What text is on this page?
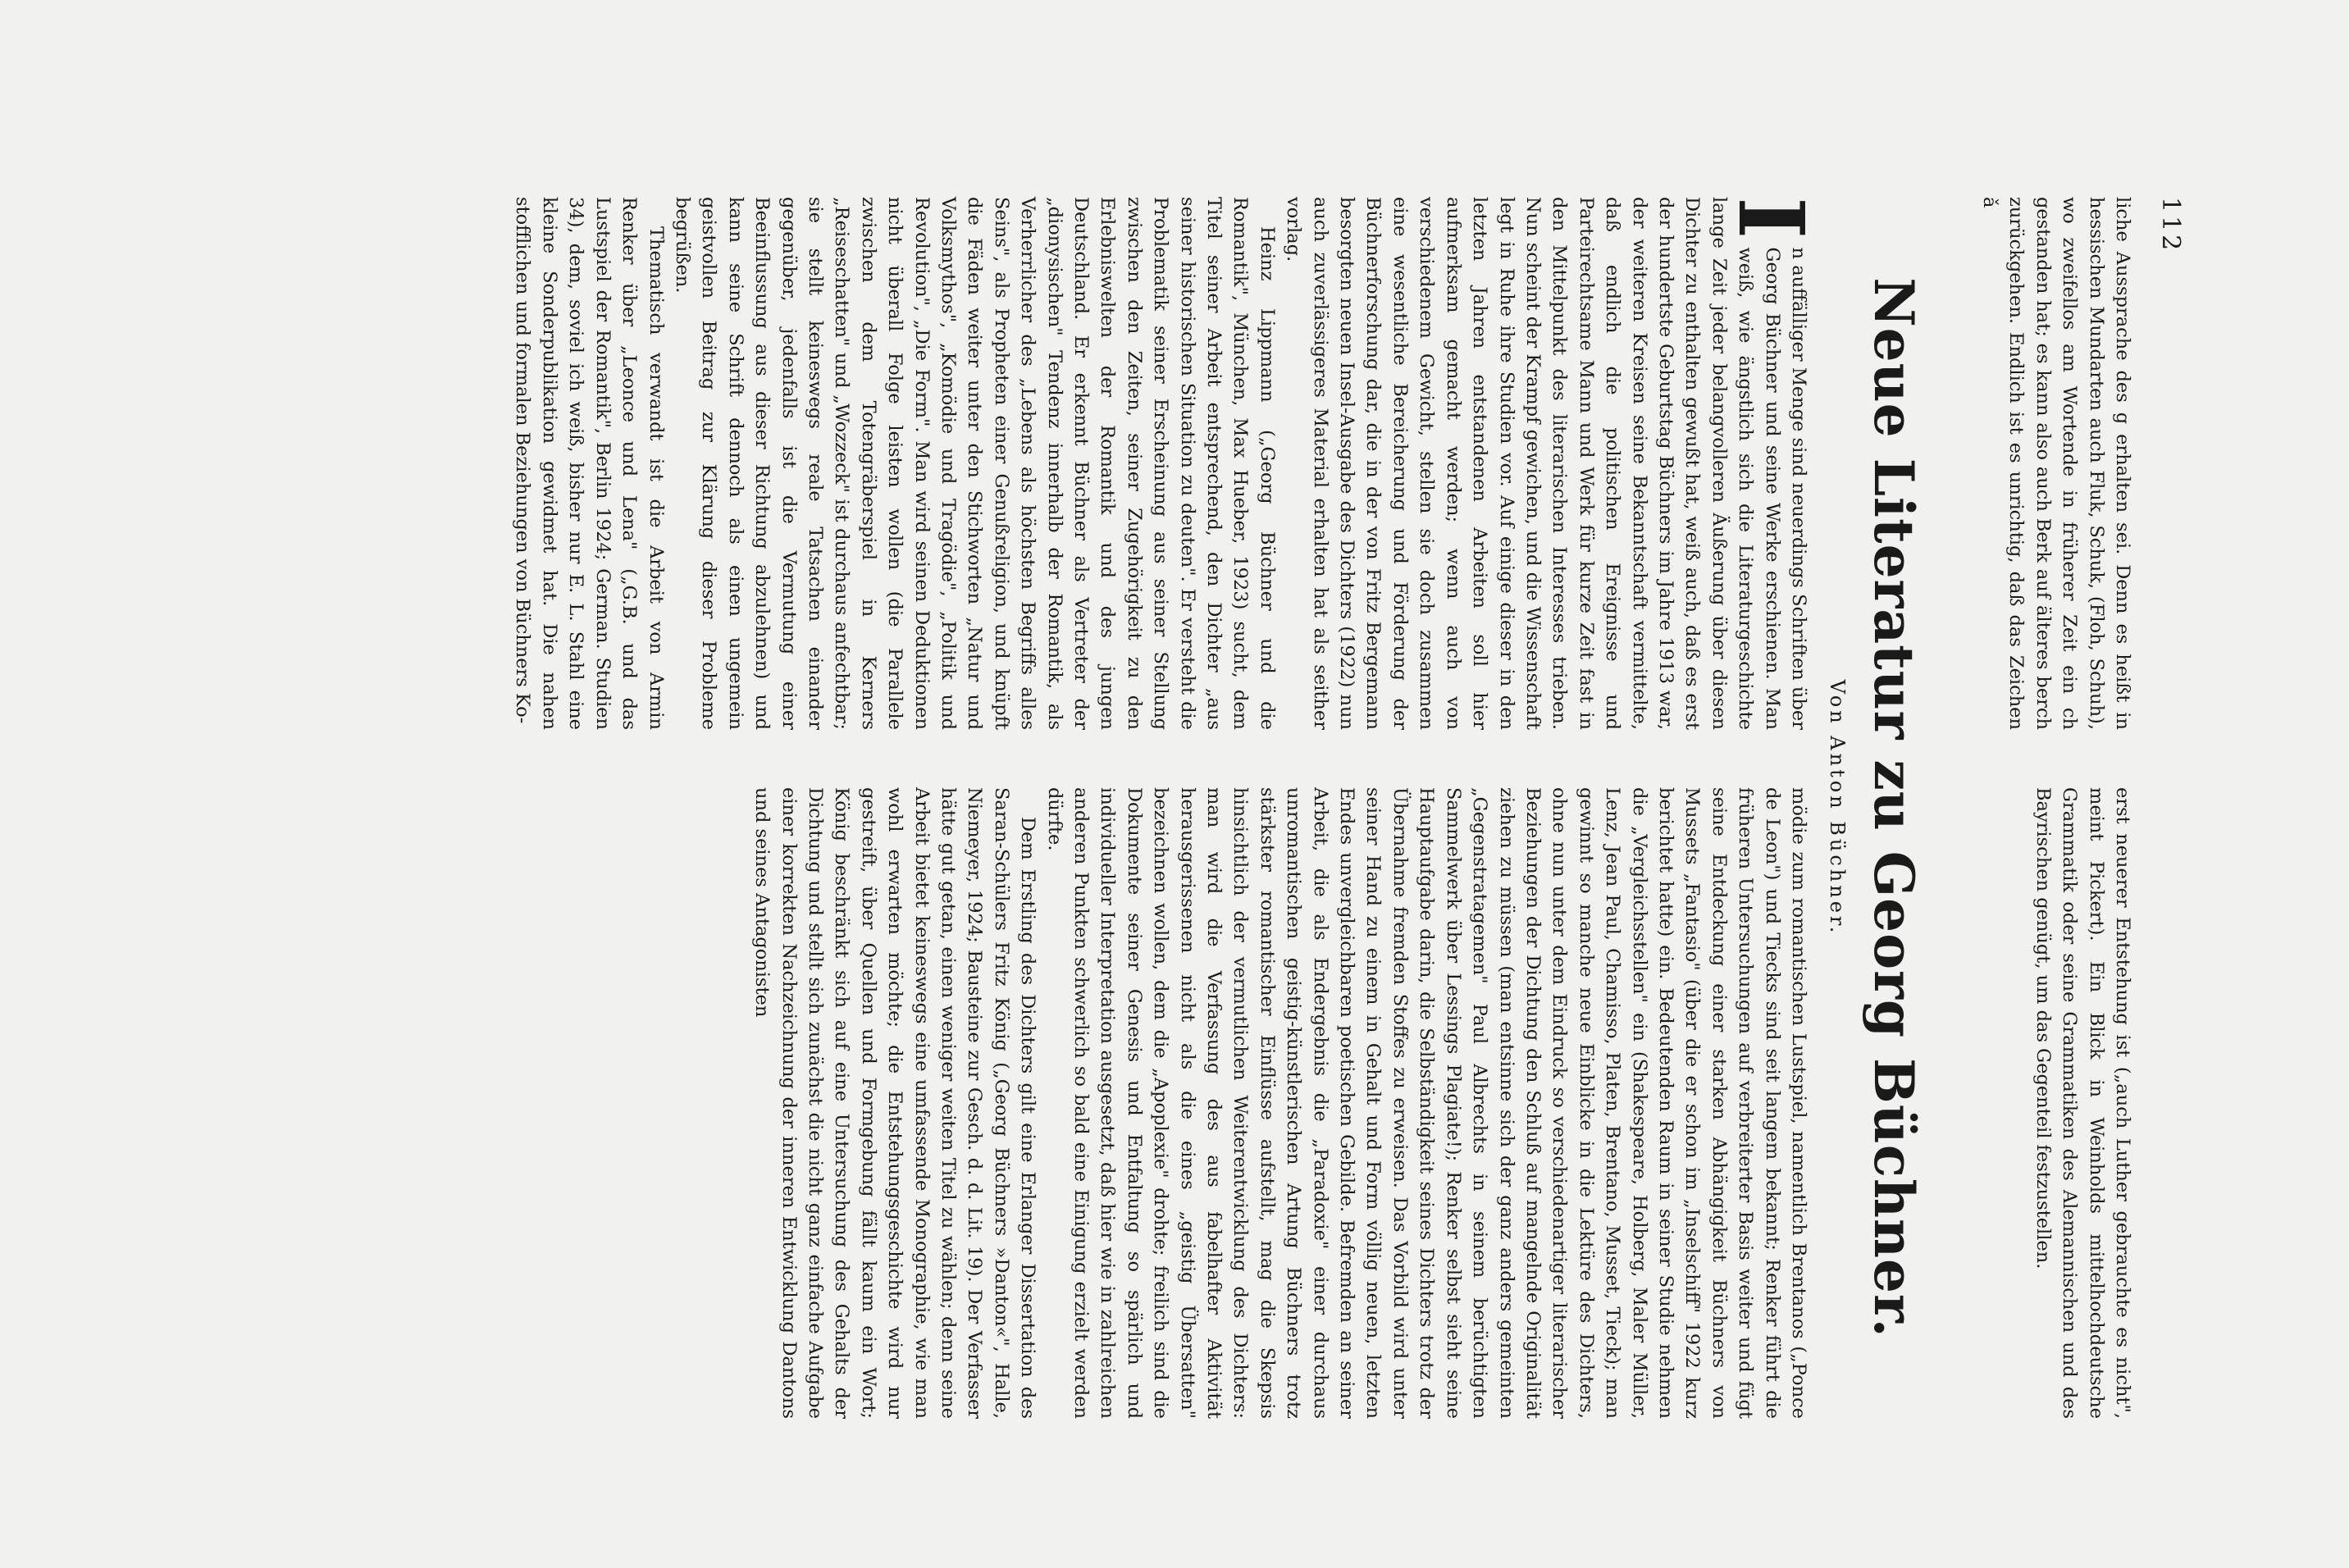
112

liche Aussprache des g erhalten sei. Denn es heißt in hessischen Mundarten auch Fluk, Schuk, (Floh, Schuh), wo zweifellos am Wortende in früherer Zeit ein ch gestanden hat; es kann also auch Berk auf älteres berch zurückgehen. Endlich ist es unrichtig, daß das Zeichen ǎ

erst neuerer Entstehung ist („auch Luther gebrauchte es nicht", meint Pickert). Ein Blick in Weinholds mittelhochdeutsche Grammatik oder seine Grammatiken des Alemannischen und des Bayrischen genügt, um das Gegenteil festzustellen.

Neue Literatur zu Georg Büchner.
Von Anton Büchner.

I
n auffälliger Menge sind neuerdings Schriften über Georg Büchner und seine Werke erschienen. Man weiß, wie ängstlich sich die Literaturgeschichte lange Zeit jeder belangvolleren Äußerung über diesen Dichter zu enthalten gewußt hat, weiß auch, daß es erst der hundertste Geburtstag Büchners im Jahre 1913 war, der weiteren Kreisen seine Bekanntschaft vermittelte, daß endlich die politischen Ereignisse und Parteirechtsame Mann und Werk für kurze Zeit fast in den Mittelpunkt des literarischen Interesses trieben. Nun scheint der Krampf gewichen, und die Wissenschaft legt in Ruhe ihre Studien vor. Auf einige dieser in den letzten Jahren entstandenen Arbeiten soll hier aufmerksam gemacht werden; wenn auch von verschiedenem Gewicht, stellen sie doch zusammen eine wesentliche Bereicherung und Förderung der Büchnerforschung dar, die in der von Fritz Bergemann besorgten neuen Insel-Ausgabe des Dichters (1922) nun auch zuverlässigeres Material erhalten hat als seither vorlag.

Heinz Lippmann („Georg Büchner und die Romantik", München, Max Hueber, 1923) sucht, dem Titel seiner Arbeit entsprechend, den Dichter „aus seiner historischen Situation zu deuten". Er versteht die Problematik seiner Erscheinung aus seiner Stellung zwischen den Zeiten, seiner Zugehörigkeit zu den Erlebniswelten der Romantik und des jungen Deutschland. Er erkennt Büchner als Vertreter der „dionysischen" Tendenz innerhalb der Romantik, als Verherrlicher des „Lebens als höchsten Begriffs alles Seins", als Propheten einer Genußreligion, und knüpft die Fäden weiter unter den Stichworten „Natur und Volksmythos", „Komödie und Tragödie", „Politik und Revolution", „Die Form". Man wird seinen Deduktionen nicht überall Folge leisten wollen (die Parallele zwischen dem Totengräberspiel in Kerners „Reiseschatten" und „Wozzeck" ist durchaus anfechtbar; sie stellt keineswegs reale Tatsachen einander gegenüber, jedenfalls ist die Vermutung einer Beeinflussung aus dieser Richtung abzulehnen) und kann seine Schrift dennoch als einen ungemein geistvollen Beitrag zur Klärung dieser Probleme begrüßen.

Thematisch verwandt ist die Arbeit von Armin Renker über „Leonce und Lena" („G.B. und das Lustspiel der Romantik", Berlin 1924; German. Studien 34), dem, soviel ich weiß, bisher nur E. L. Stahl eine kleine Sonderpublikation gewidmet hat. Die nahen stofflichen und formalen Beziehungen von Büchners Ko-

mödie zum romantischen Lustspiel, namentlich Brentanos („Ponce de Leon") und Tiecks sind seit langem bekannt; Renker führt die früheren Untersuchungen auf verbreiterter Basis weiter und fügt seine Entdeckung einer starken Abhängigkeit Büchners von Mussets „Fantasio" (über die er schon im „Inselschiff" 1922 kurz berichtet hatte) ein. Bedeutenden Raum in seiner Studie nehmen die „Vergleichsstellen" ein (Shakespeare, Holberg, Maler Müller, Lenz, Jean Paul, Chamisso, Platen, Brentano, Musset, Tieck); man gewinnt so manche neue Einblicke in die Lektüre des Dichters, ohne nun unter dem Eindruck so verschiedenartiger literarischer Beziehungen der Dichtung den Schluß auf mangelnde Originalität ziehen zu müssen (man entsinne sich der ganz anders gemeinten „Gegenstratagemen" Paul Albrechts in seinem berüchtigten Sammelwerk über Lessings Plagiate!); Renker selbst sieht seine Hauptaufgabe darin, die Selbständigkeit seines Dichters trotz der Übernahme fremden Stoffes zu erweisen. Das Vorbild wird unter seiner Hand zu einem in Gehalt und Form völlig neuen, letzten Endes unvergleichbaren poetischen Gebilde. Befremden an seiner Arbeit, die als Endergebnis die „Paradoxie" einer durchaus unromantischen geistig-künstlerischen Artung Büchners trotz stärkster romantischer Einflüsse aufstellt, mag die Skepsis hinsichtlich der vermutlichen Weiterentwicklung des Dichters: man wird die Verfassung des aus fabelhafter Aktivität herausgerissenen nicht als die eines „geistig Übersatten" bezeichnen wollen, dem die „Apoplexie" drohte; freilich sind die Dokumente seiner Genesis und Entfaltung so spärlich und individueller Interpretation ausgesetzt, daß hier wie in zahlreichen anderen Punkten schwerlich so bald eine Einigung erzielt werden dürfte.

Dem Erstling des Dichters gilt eine Erlanger Dissertation des Saran-Schülers Fritz König („Georg Büchners »Danton«", Halle, Niemeyer, 1924; Bausteine zur Gesch. d. d. Lit. 19). Der Verfasser hätte gut getan, einen weniger weiten Titel zu wählen; denn seine Arbeit bietet keineswegs eine umfassende Monographie, wie man wohl erwarten möchte; die Entstehungsgeschichte wird nur gestreift, über Quellen und Formgebung fällt kaum ein Wort; König beschränkt sich auf eine Untersuchung des Gehalts der Dichtung und stellt sich zunächst die nicht ganz einfache Aufgabe einer korrekten Nachzeichnung der inneren Entwicklung Dantons und seines Antagonisten
